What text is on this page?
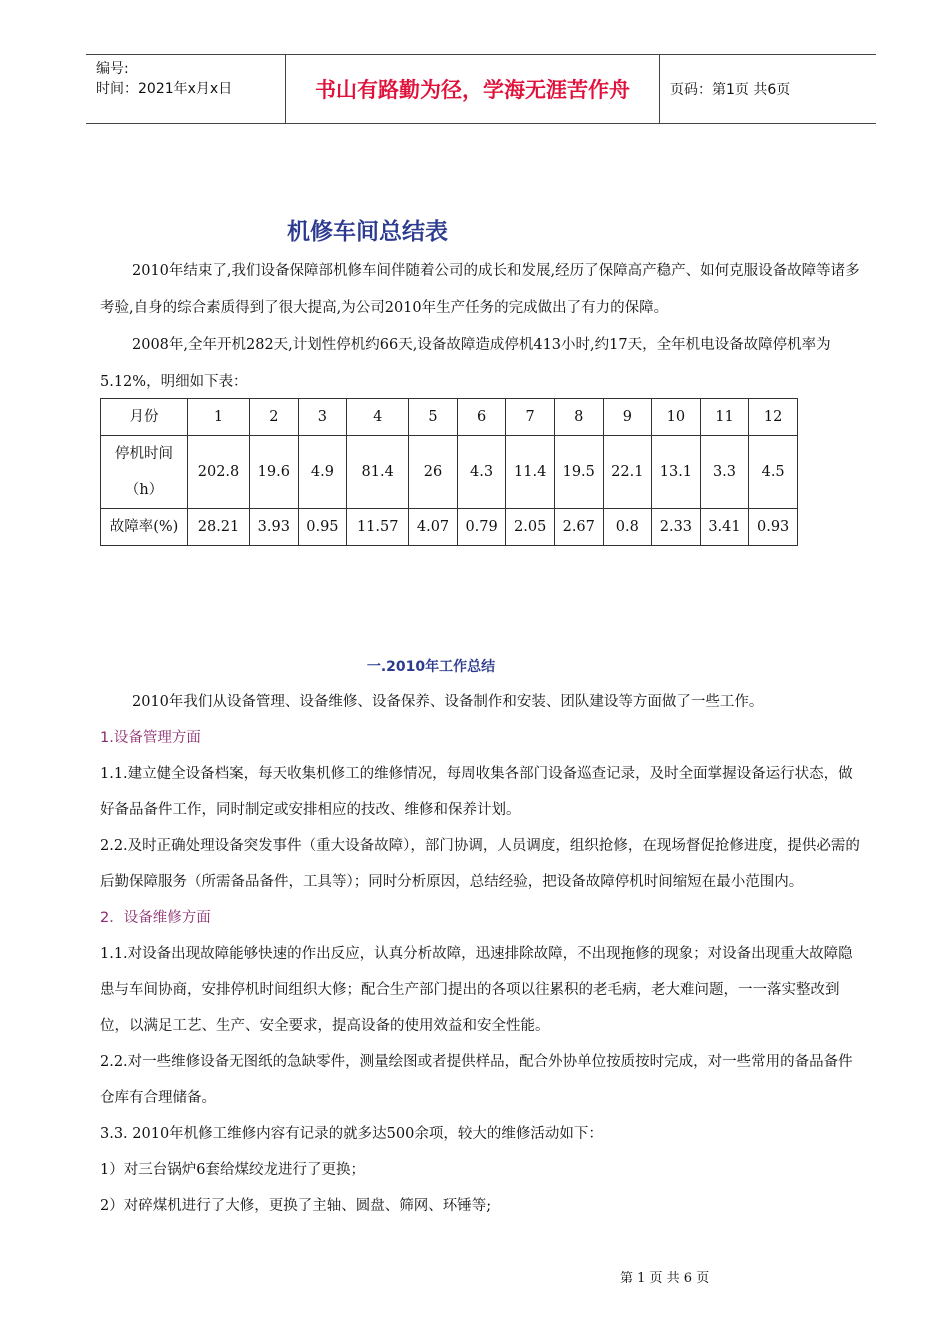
编号:
时间：2021年x月x日	书山有路勤为径，学海无涯苦作舟	页码：第1页 共6页
机修车间总结表

2010年结束了,我们设备保障部机修车间伴随着公司的成长和发展,经历了保障高产稳产、如何克服设备故障等诸多考验,自身的综合素质得到了很大提高,为公司2010年生产任务的完成做出了有力的保障。

2008年,全年开机282天,计划性停机约66天,设备故障造成停机413小时,约17天，全年机电设备故障停机率为5.12%，明细如下表：

月份	1	2	3	4	5	6	7	8	9	10	11	12
停机时间（h）	202.8	19.6	4.9	81.4	26	4.3	11.4	19.5	22.1	13.1	3.3	4.5
故障率(%)	28.21	3.93	0.95	11.57	4.07	0.79	2.05	2.67	0.8	2.33	3.41	0.93
一.2010年工作总结

2010年我们从设备管理、设备维修、设备保养、设备制作和安装、团队建设等方面做了一些工作。

1.设备管理方面

1.1.建立健全设备档案，每天收集机修工的维修情况，每周收集各部门设备巡查记录，及时全面掌握设备运行状态，做好备品备件工作，同时制定或安排相应的技改、维修和保养计划。

2.2.及时正确处理设备突发事件（重大设备故障），部门协调，人员调度，组织抢修，在现场督促抢修进度，提供必需的后勤保障服务（所需备品备件，工具等）；同时分析原因，总结经验，把设备故障停机时间缩短在最小范围内。

2．设备维修方面

1.1.对设备出现故障能够快速的作出反应，认真分析故障，迅速排除故障，不出现拖修的现象；对设备出现重大故障隐患与车间协商，安排停机时间组织大修；配合生产部门提出的各项以往累积的老毛病，老大难问题，一一落实整改到位，以满足工艺、生产、安全要求，提高设备的使用效益和安全性能。

2.2.对一些维修设备无图纸的急缺零件，测量绘图或者提供样品，配合外协单位按质按时完成，对一些常用的备品备件仓库有合理储备。

3.3. 2010年机修工维修内容有记录的就多达500余项，较大的维修活动如下：

1）对三台锅炉6套给煤绞龙进行了更换；

2）对碎煤机进行了大修，更换了主轴、圆盘、筛网、环锤等;

第 1 页 共 6 页
